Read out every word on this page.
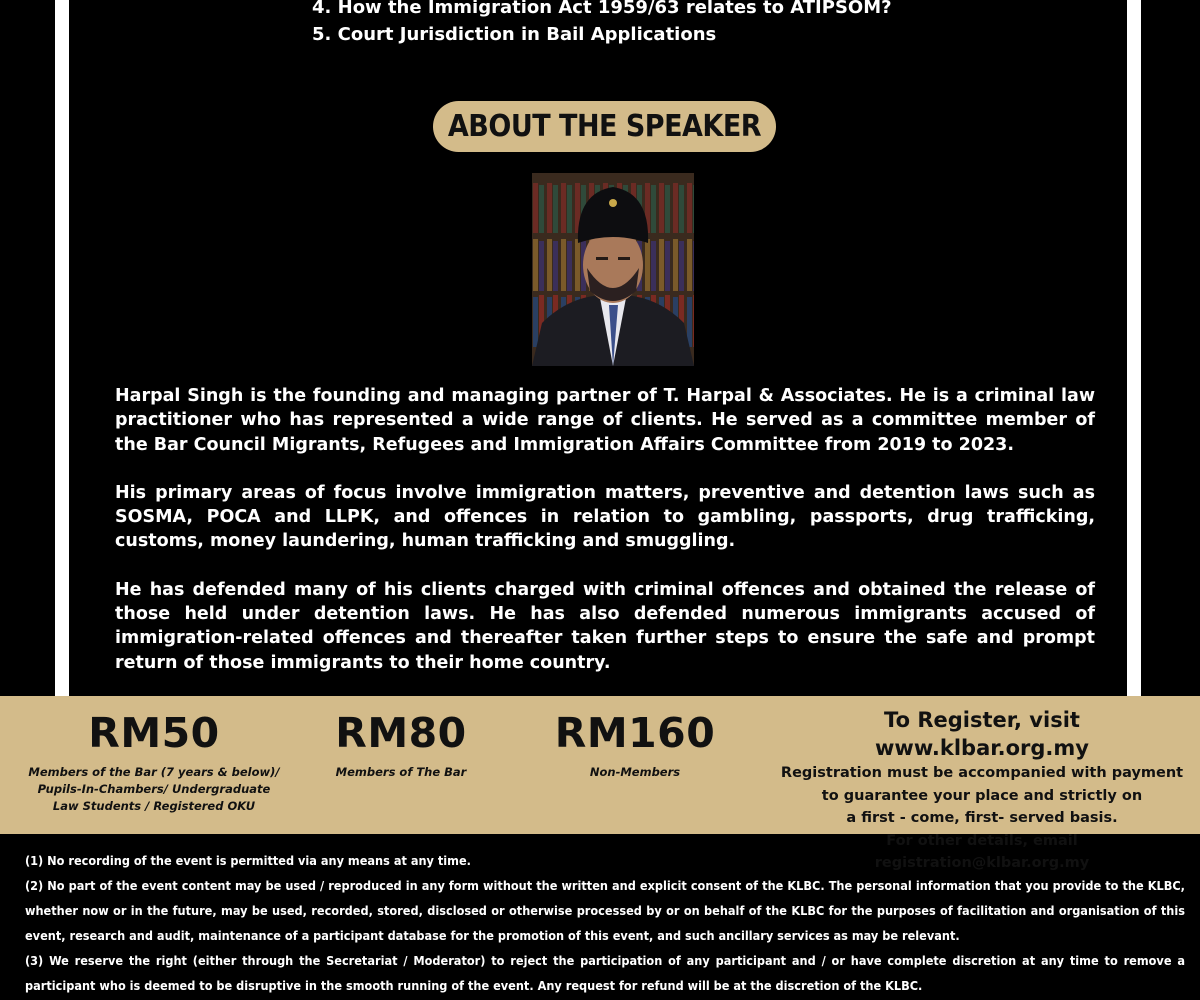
4. How the Immigration Act 1959/63 relates to ATIPSOM?
5. Court Jurisdiction in Bail Applications
ABOUT THE SPEAKER

Harpal Singh is the founding and managing partner of T. Harpal & Associates. He is a criminal law practitioner who has represented a wide range of clients. He served as a committee member of the Bar Council Migrants, Refugees and Immigration Affairs Committee from 2019 to 2023.

His primary areas of focus involve immigration matters, preventive and detention laws such as SOSMA, POCA and LLPK, and offences in relation to gambling, passports, drug trafficking, customs, money laundering, human trafficking and smuggling.

He has defended many of his clients charged with criminal offences and obtained the release of those held under detention laws. He has also defended numerous immigrants accused of immigration-related offences and thereafter taken further steps to ensure the safe and prompt return of those immigrants to their home country.

RM50
Members of the Bar (7 years & below)/
Pupils-In-Chambers/ Undergraduate
Law Students / Registered OKU
RM80
Members of The Bar
RM160
Non-Members
To Register, visit www.klbar.org.my
Registration must be accompanied with payment
to guarantee your place and strictly on
a first - come, first- served basis.
For other details, email registration@klbar.org.my

(1) No recording of the event is permitted via any means at any time.

(2) No part of the event content may be used / reproduced in any form without the written and explicit consent of the KLBC. The personal information that you provide to the KLBC, whether now or in the future, may be used, recorded, stored, disclosed or otherwise processed by or on behalf of the KLBC for the purposes of facilitation and organisation of this event, research and audit, maintenance of a participant database for the promotion of this event, and such ancillary services as may be relevant.

(3) We reserve the right (either through the Secretariat / Moderator) to reject the participation of any participant and / or have complete discretion at any time to remove a participant who is deemed to be disruptive in the smooth running of the event. Any request for refund will be at the discretion of the KLBC.
